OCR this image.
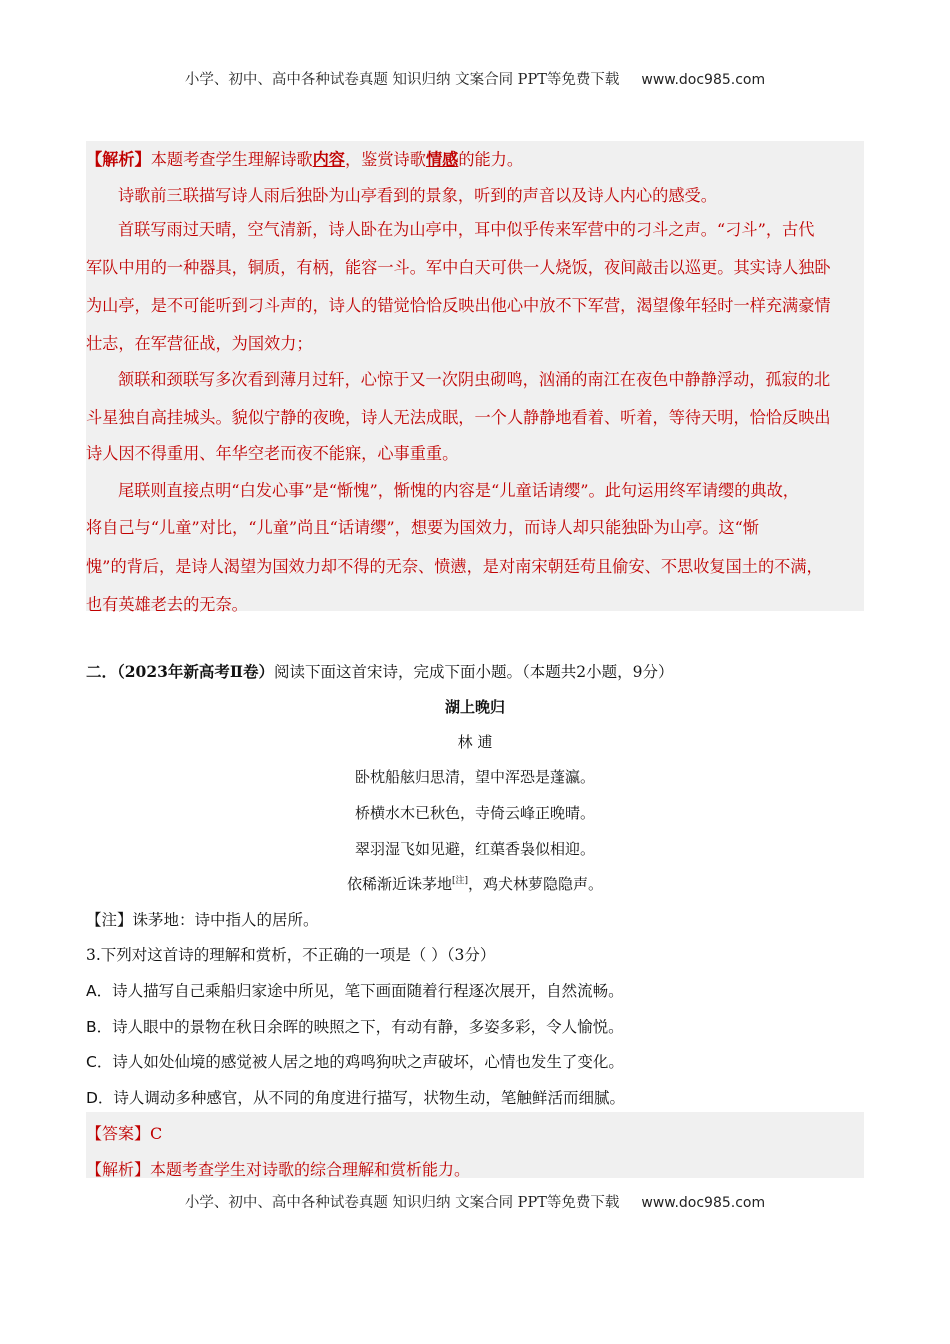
小学、初中、高中各种试卷真题 知识归纳 文案合同 PPT等免费下载 www.doc985.com
【解析】本题考查学生理解诗歌内容，鉴赏诗歌情感的能力。
诗歌前三联描写诗人雨后独卧为山亭看到的景象，听到的声音以及诗人内心的感受。
首联写雨过天晴，空气清新，诗人卧在为山亭中，耳中似乎传来军营中的刁斗之声。“刁斗”，古代
军队中用的一种器具，铜质，有柄，能容一斗。军中白天可供一人烧饭，夜间敲击以巡更。其实诗人独卧
为山亭，是不可能听到刁斗声的，诗人的错觉恰恰反映出他心中放不下军营，渴望像年轻时一样充满豪情
壮志，在军营征战，为国效力；
颔联和颈联写多次看到薄月过轩，心惊于又一次阴虫砌鸣，汹涌的南江在夜色中静静浮动，孤寂的北
斗星独自高挂城头。貌似宁静的夜晚，诗人无法成眠，一个人静静地看着、听着，等待天明，恰恰反映出
诗人因不得重用、年华空老而夜不能寐，心事重重。
尾联则直接点明“白发心事”是“惭愧”，惭愧的内容是“儿童话请缨”。此句运用终军请缨的典故，
将自己与“儿童”对比，“儿童”尚且“话请缨”，想要为国效力，而诗人却只能独卧为山亭。这“惭
愧”的背后，是诗人渴望为国效力却不得的无奈、愤懑，是对南宋朝廷苟且偷安、不思收复国土的不满，
也有英雄老去的无奈。
二．（2023年新高考Ⅱ卷）阅读下面这首宋诗，完成下面小题。（本题共2小题，9分）
湖上晚归
林 逋
卧枕船舷归思清，望中浑恐是蓬瀛。
桥横水木已秋色，寺倚云峰正晚晴。
翠羽湿飞如见避，红蕖香袅似相迎。
依稀渐近诛茅地[注]，鸡犬林萝隐隐声。
【注】诛茅地：诗中指人的居所。
3.下列对这首诗的理解和赏析，不正确的一项是（ ）（3分）
A．诗人描写自己乘船归家途中所见，笔下画面随着行程逐次展开，自然流畅。
B．诗人眼中的景物在秋日余晖的映照之下，有动有静，多姿多彩，令人愉悦。
C．诗人如处仙境的感觉被人居之地的鸡鸣狗吠之声破坏，心情也发生了变化。
D．诗人调动多种感官，从不同的角度进行描写，状物生动，笔触鲜活而细腻。
【答案】C
【解析】本题考查学生对诗歌的综合理解和赏析能力。
小学、初中、高中各种试卷真题 知识归纳 文案合同 PPT等免费下载 www.doc985.com
